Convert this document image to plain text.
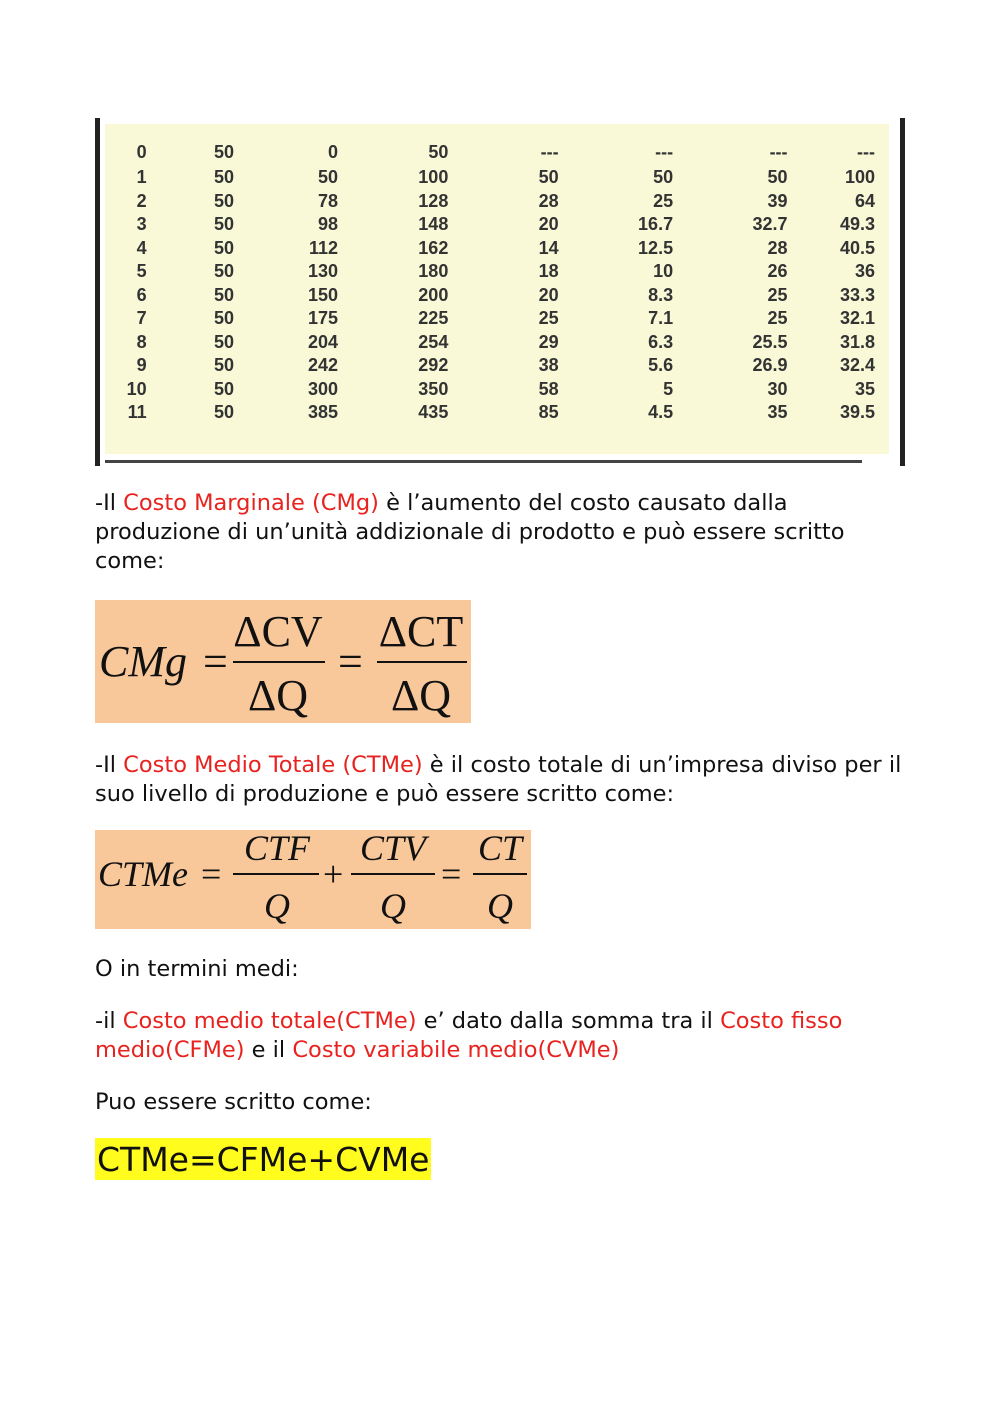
0	50	0	50	---	---	---	---
1	50	50	100	50	50	50	100
2	50	78	128	28	25	39	64
3	50	98	148	20	16.7	32.7	49.3
4	50	112	162	14	12.5	28	40.5
5	50	130	180	18	10	26	36
6	50	150	200	20	8.3	25	33.3
7	50	175	225	25	7.1	25	32.1
8	50	204	254	29	6.3	25.5	31.8
9	50	242	292	38	5.6	26.9	32.4
10	50	300	350	58	5	30	35
11	50	385	435	85	4.5	35	39.5

-Il Costo Marginale (CMg) è l’aumento del costo causato dalla produzione di un’unità addizionale di prodotto e può essere scritto come:

CMg =
ΔCV
ΔQ
=
ΔCT
ΔQ

-Il Costo Medio Totale (CTMe) è il costo totale di un’impresa diviso per il suo livello di produzione e può essere scritto come:

CTMe =
CTF
Q
+
CTV
Q
=
CT
Q

O in termini medi:

-il Costo medio totale(CTMe) e’ dato dalla somma tra il Costo fisso medio(CFMe) e il Costo variabile medio(CVMe)

Puo essere scritto come:

CTMe=CFMe+CVMe
